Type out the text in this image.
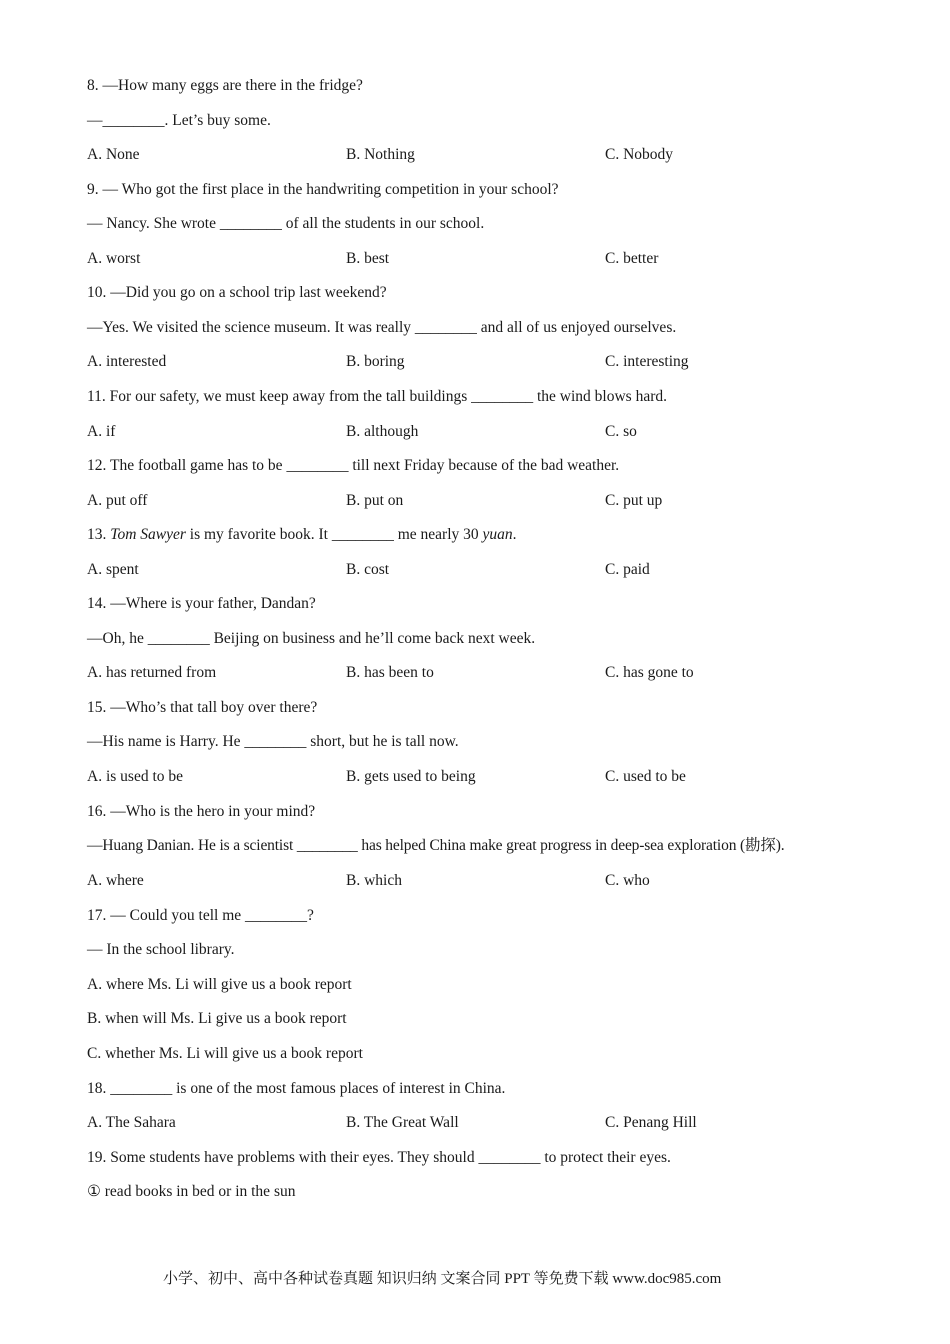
8. —How many eggs are there in the fridge?
—________. Let’s buy some.
A. None	B. Nothing	C. Nobody
9. — Who got the first place in the handwriting competition in your school?
— Nancy. She wrote ________ of all the students in our school.
A. worst	B. best	C. better
10. —Did you go on a school trip last weekend?
—Yes. We visited the science museum. It was really ________ and all of us enjoyed ourselves.
A. interested	B. boring	C. interesting
11. For our safety, we must keep away from the tall buildings ________ the wind blows hard.
A. if	B. although	C. so
12. The football game has to be ________ till next Friday because of the bad weather.
A. put off	B. put on	C. put up
13. Tom Sawyer is my favorite book. It ________ me nearly 30 yuan.
A. spent	B. cost	C. paid
14. —Where is your father, Dandan?
—Oh, he ________ Beijing on business and he’ll come back next week.
A. has returned from	B. has been to	C. has gone to
15. —Who’s that tall boy over there?
—His name is Harry. He ________ short, but he is tall now.
A. is used to be	B. gets used to being	C. used to be
16. —Who is the hero in your mind?
—Huang Danian. He is a scientist ________ has helped China make great progress in deep-sea exploration (勘探).
A. where	B. which	C. who
17. — Could you tell me ________?
— In the school library.
A. where Ms. Li will give us a book report
B. when will Ms. Li give us a book report
C. whether Ms. Li will give us a book report
18. ________ is one of the most famous places of interest in China.
A. The Sahara	B. The Great Wall	C. Penang Hill
19. Some students have problems with their eyes. They should ________ to protect their eyes.
① read books in bed or in the sun
小学、初中、高中各种试卷真题 知识归纳 文案合同 PPT 等免费下载 www.doc985.com
